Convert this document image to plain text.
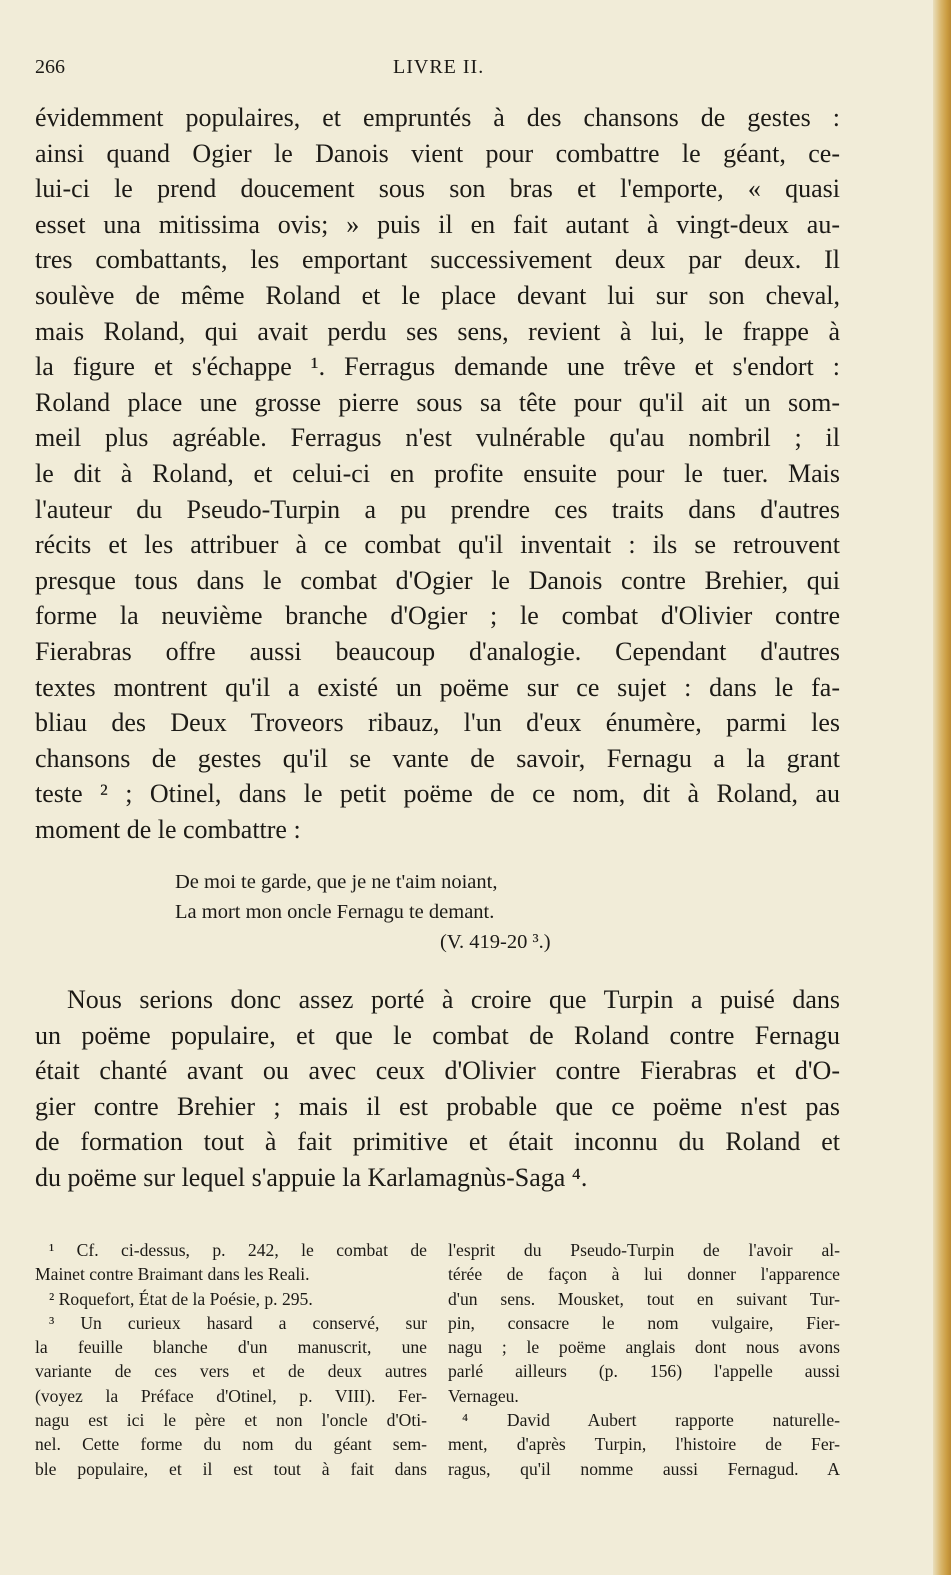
266	LIVRE II.
évidemment populaires, et empruntés à des chansons de gestes :
ainsi quand Ogier le Danois vient pour combattre le géant, ce-
lui-ci le prend doucement sous son bras et l'emporte, « quasi
esset una mitissima ovis; » puis il en fait autant à vingt-deux au-
tres combattants, les emportant successivement deux par deux. Il
soulève de même Roland et le place devant lui sur son cheval,
mais Roland, qui avait perdu ses sens, revient à lui, le frappe à
la figure et s'échappe ¹. Ferragus demande une trêve et s'endort :
Roland place une grosse pierre sous sa tête pour qu'il ait un som-
meil plus agréable. Ferragus n'est vulnérable qu'au nombril ; il
le dit à Roland, et celui-ci en profite ensuite pour le tuer. Mais
l'auteur du Pseudo-Turpin a pu prendre ces traits dans d'autres
récits et les attribuer à ce combat qu'il inventait : ils se retrouvent
presque tous dans le combat d'Ogier le Danois contre Brehier, qui
forme la neuvième branche d'Ogier ; le combat d'Olivier contre
Fierabras offre aussi beaucoup d'analogie. Cependant d'autres
textes montrent qu'il a existé un poëme sur ce sujet : dans le fa-
bliau des Deux Troveors ribauz, l'un d'eux énumère, parmi les
chansons de gestes qu'il se vante de savoir, Fernagu a la grant
teste ² ; Otinel, dans le petit poëme de ce nom, dit à Roland, au
moment de le combattre :
De moi te garde, que je ne t'aim noiant,
La mort mon oncle Fernagu te demant.
(V. 419-20 ³.)
Nous serions donc assez porté à croire que Turpin a puisé dans
un poëme populaire, et que le combat de Roland contre Fernagu
était chanté avant ou avec ceux d'Olivier contre Fierabras et d'O-
gier contre Brehier ; mais il est probable que ce poëme n'est pas
de formation tout à fait primitive et était inconnu du Roland et
du poëme sur lequel s'appuie la Karlamagnùs-Saga ⁴.
¹ Cf. ci-dessus, p. 242, le combat de
Mainet contre Braimant dans les Reali.
² Roquefort, État de la Poésie, p. 295.
³ Un curieux hasard a conservé, sur
la feuille blanche d'un manuscrit, une
variante de ces vers et de deux autres
(voyez la Préface d'Otinel, p. VIII). Fer-
nagu est ici le père et non l'oncle d'Oti-
nel. Cette forme du nom du géant sem-
ble populaire, et il est tout à fait dans
l'esprit du Pseudo-Turpin de l'avoir al-
térée de façon à lui donner l'apparence
d'un sens. Mousket, tout en suivant Tur-
pin, consacre le nom vulgaire, Fier-
nagu ; le poëme anglais dont nous avons
parlé ailleurs (p. 156) l'appelle aussi
Vernageu.
⁴ David Aubert rapporte naturelle-
ment, d'après Turpin, l'histoire de Fer-
ragus, qu'il nomme aussi Fernagud. A
